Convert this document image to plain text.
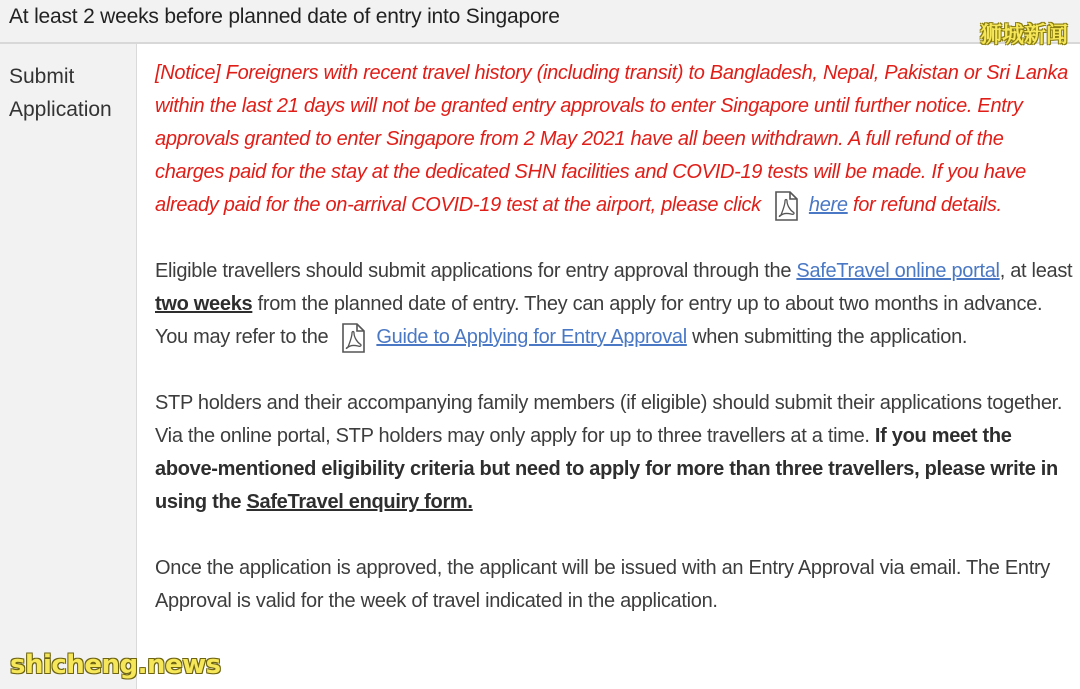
At least 2 weeks before planned date of entry into Singapore
狮城新闻
Submit Application

[Notice] Foreigners with recent travel history (including transit) to Bangladesh, Nepal, Pakistan or Sri Lanka within the last 21 days will not be granted entry approvals to enter Singapore until further notice. Entry approvals granted to enter Singapore from 2 May 2021 have all been withdrawn. A full refund of the charges paid for the stay at the dedicated SHN facilities and COVID-19 tests will be made. If you have already paid for the on-arrival COVID-19 test at the airport, please click here for refund details.

Eligible travellers should submit applications for entry approval through the SafeTravel online portal, at least two weeks from the planned date of entry. They can apply for entry up to about two months in advance. You may refer to the Guide to Applying for Entry Approval when submitting the application.

STP holders and their accompanying family members (if eligible) should submit their applications together. Via the online portal, STP holders may only apply for up to three travellers at a time. If you meet the above-mentioned eligibility criteria but need to apply for more than three travellers, please write in using the SafeTravel enquiry form.

Once the application is approved, the applicant will be issued with an Entry Approval via email. The Entry Approval is valid for the week of travel indicated in the application.

shicheng.news
